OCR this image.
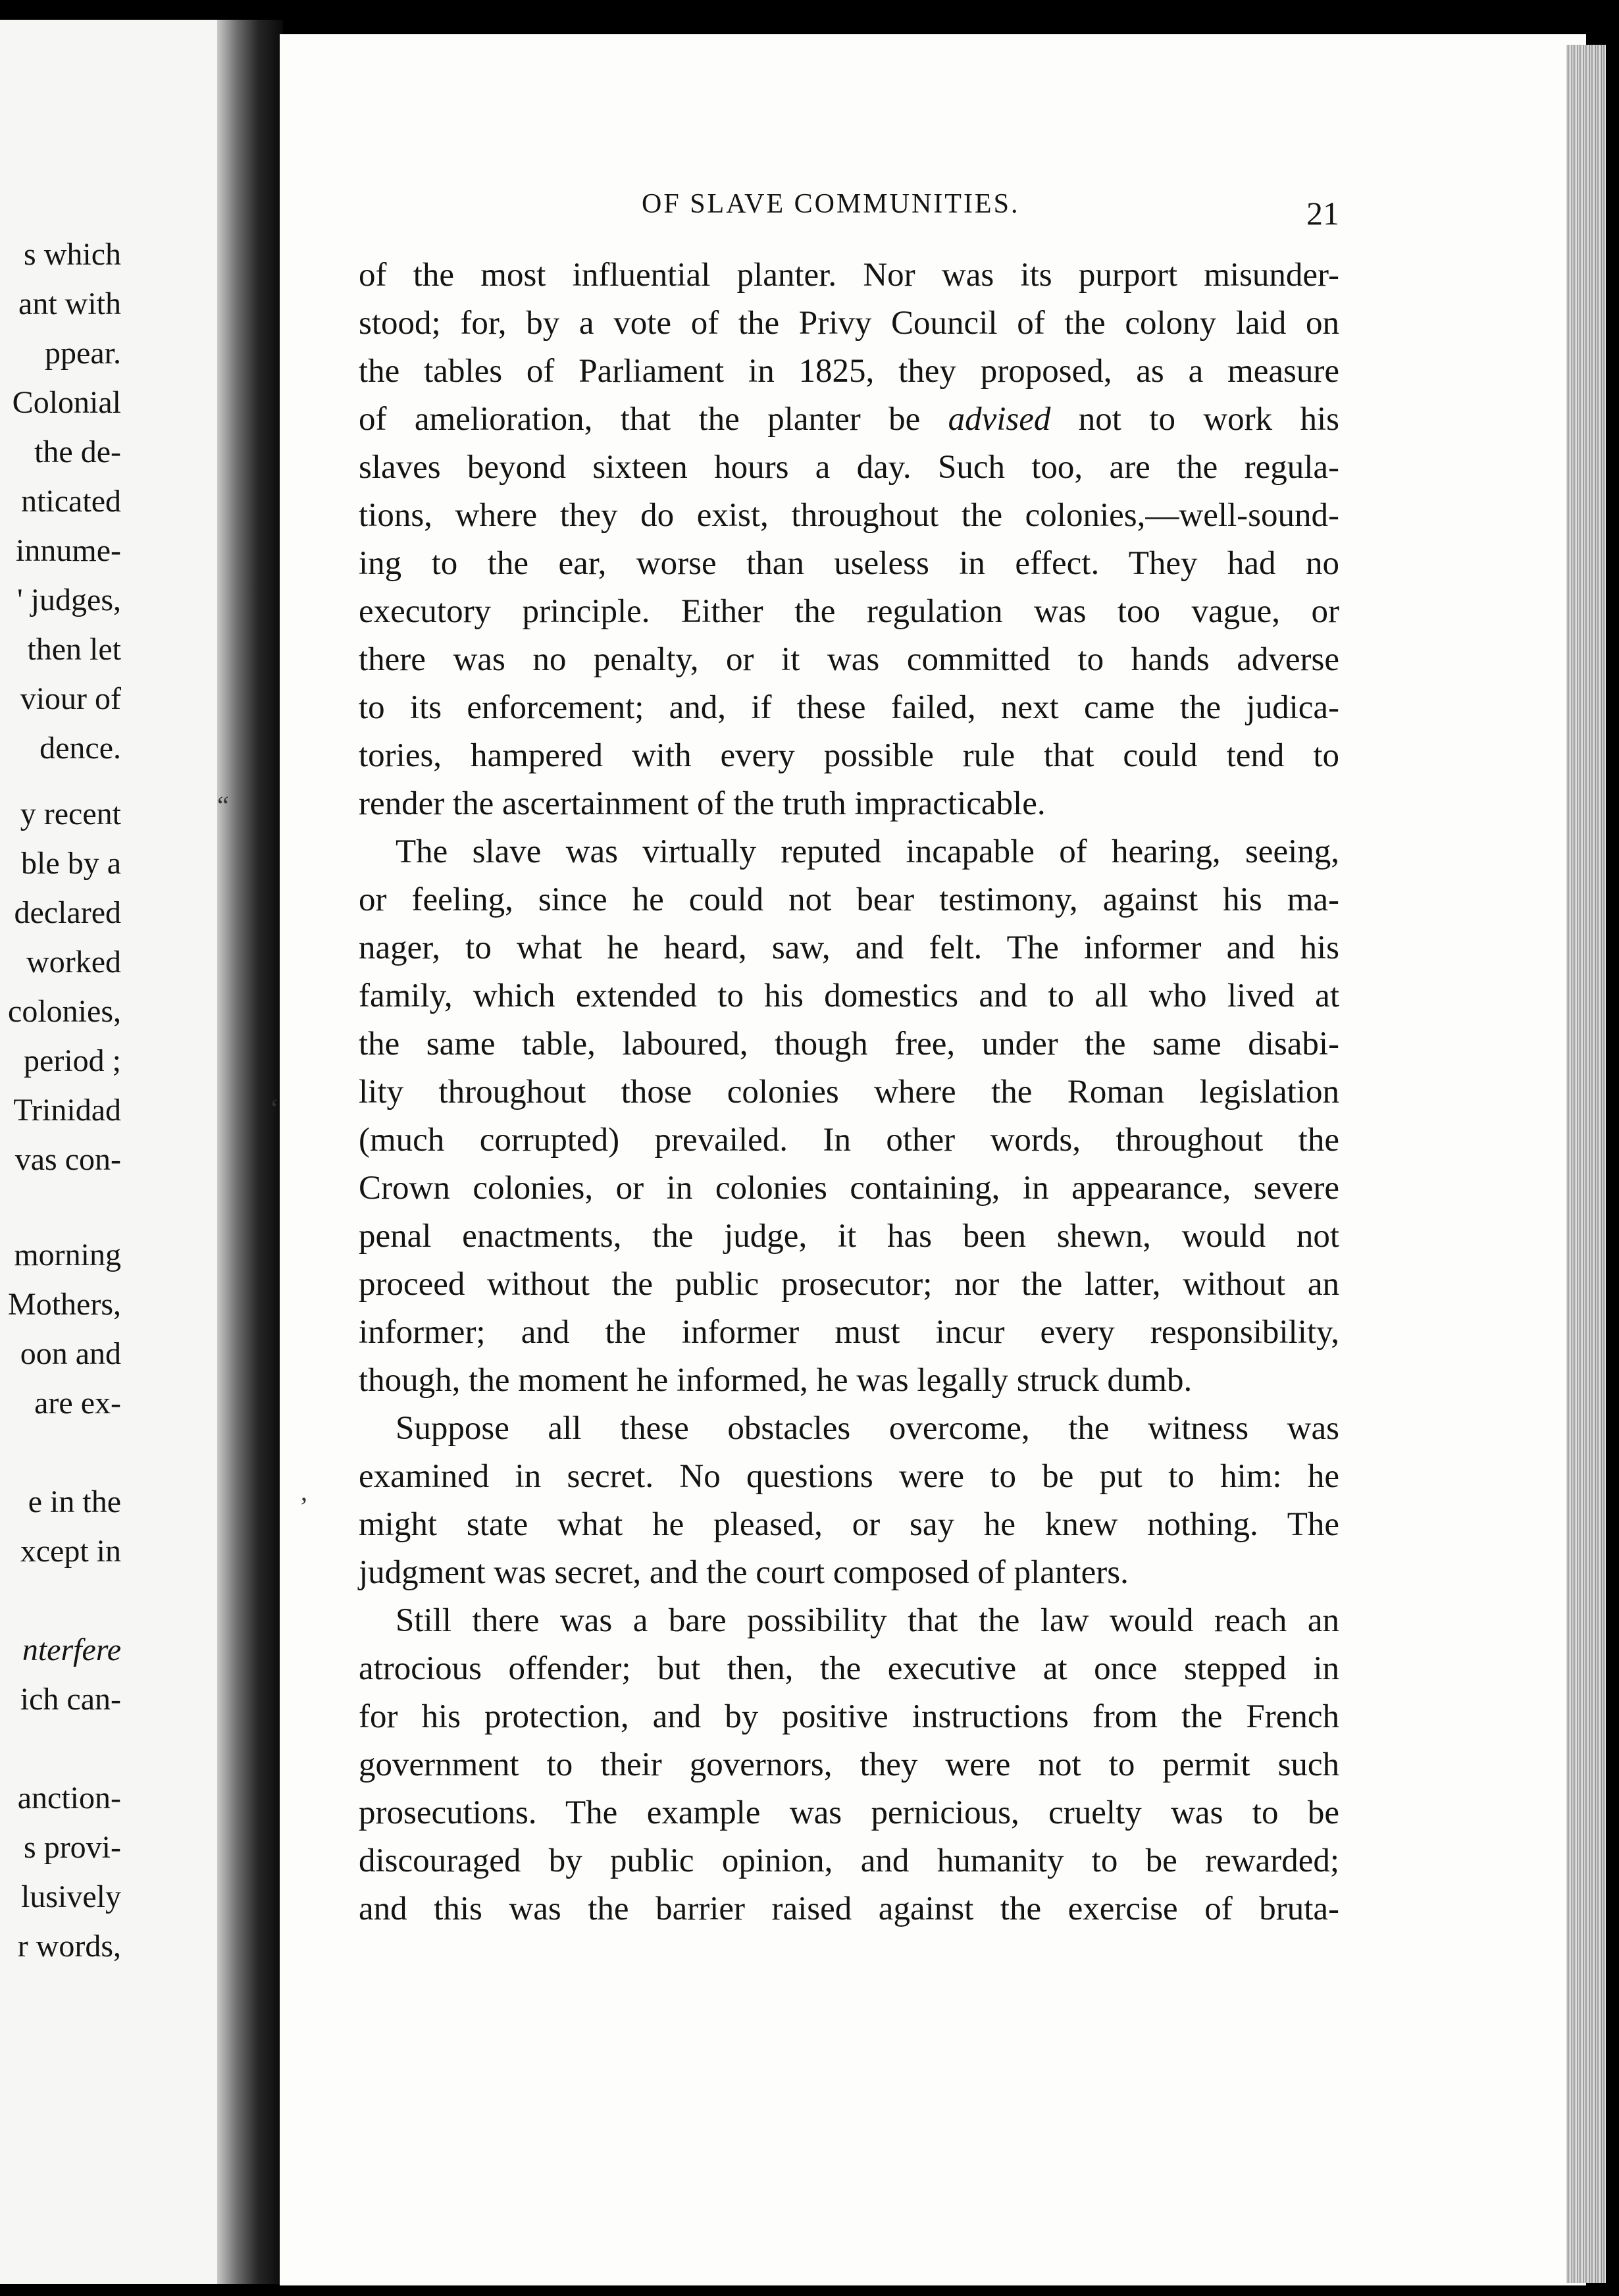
s which

ant with

ppear.

Colonial

the de-

nticated

innume-

' judges,

then let

viour of

dence.

y recent

ble by a

declared

worked

colonies,

period ;

Trinidad

vas con-

morning

Mothers,

oon and

are ex-

e in the

xcept in

nterfere

ich can-

anction-

s provi-

lusively

r words,

OF SLAVE COMMUNITIES.	21

of the most influential planter. Nor was its purport misunder-

stood; for, by a vote of the Privy Council of the colony laid on

the tables of Parliament in 1825, they proposed, as a measure

of amelioration, that the planter be advised not to work his

slaves beyond sixteen hours a day. Such too, are the regula-

tions, where they do exist, throughout the colonies,—well-sound-

ing to the ear, worse than useless in effect. They had no

executory principle. Either the regulation was too vague, or

there was no penalty, or it was committed to hands adverse

to its enforcement; and, if these failed, next came the judica-

tories, hampered with every possible rule that could tend to

render the ascertainment of the truth impracticable.

The slave was virtually reputed incapable of hearing, seeing,

or feeling, since he could not bear testimony, against his ma-

nager, to what he heard, saw, and felt. The informer and his

family, which extended to his domestics and to all who lived at

the same table, laboured, though free, under the same disabi-

lity throughout those colonies where the Roman legislation

(much corrupted) prevailed. In other words, throughout the

Crown colonies, or in colonies containing, in appearance, severe

penal enactments, the judge, it has been shewn, would not

proceed without the public prosecutor; nor the latter, without an

informer; and the informer must incur every responsibility,

though, the moment he informed, he was legally struck dumb.

Suppose all these obstacles overcome, the witness was

examined in secret. No questions were to be put to him: he

might state what he pleased, or say he knew nothing. The

judgment was secret, and the court composed of planters.

Still there was a bare possibility that the law would reach an

atrocious offender; but then, the executive at once stepped in

for his protection, and by positive instructions from the French

government to their governors, they were not to permit such

prosecutions. The example was pernicious, cruelty was to be

discouraged by public opinion, and humanity to be rewarded;

and this was the barrier raised against the exercise of bruta-

“

‘

’
